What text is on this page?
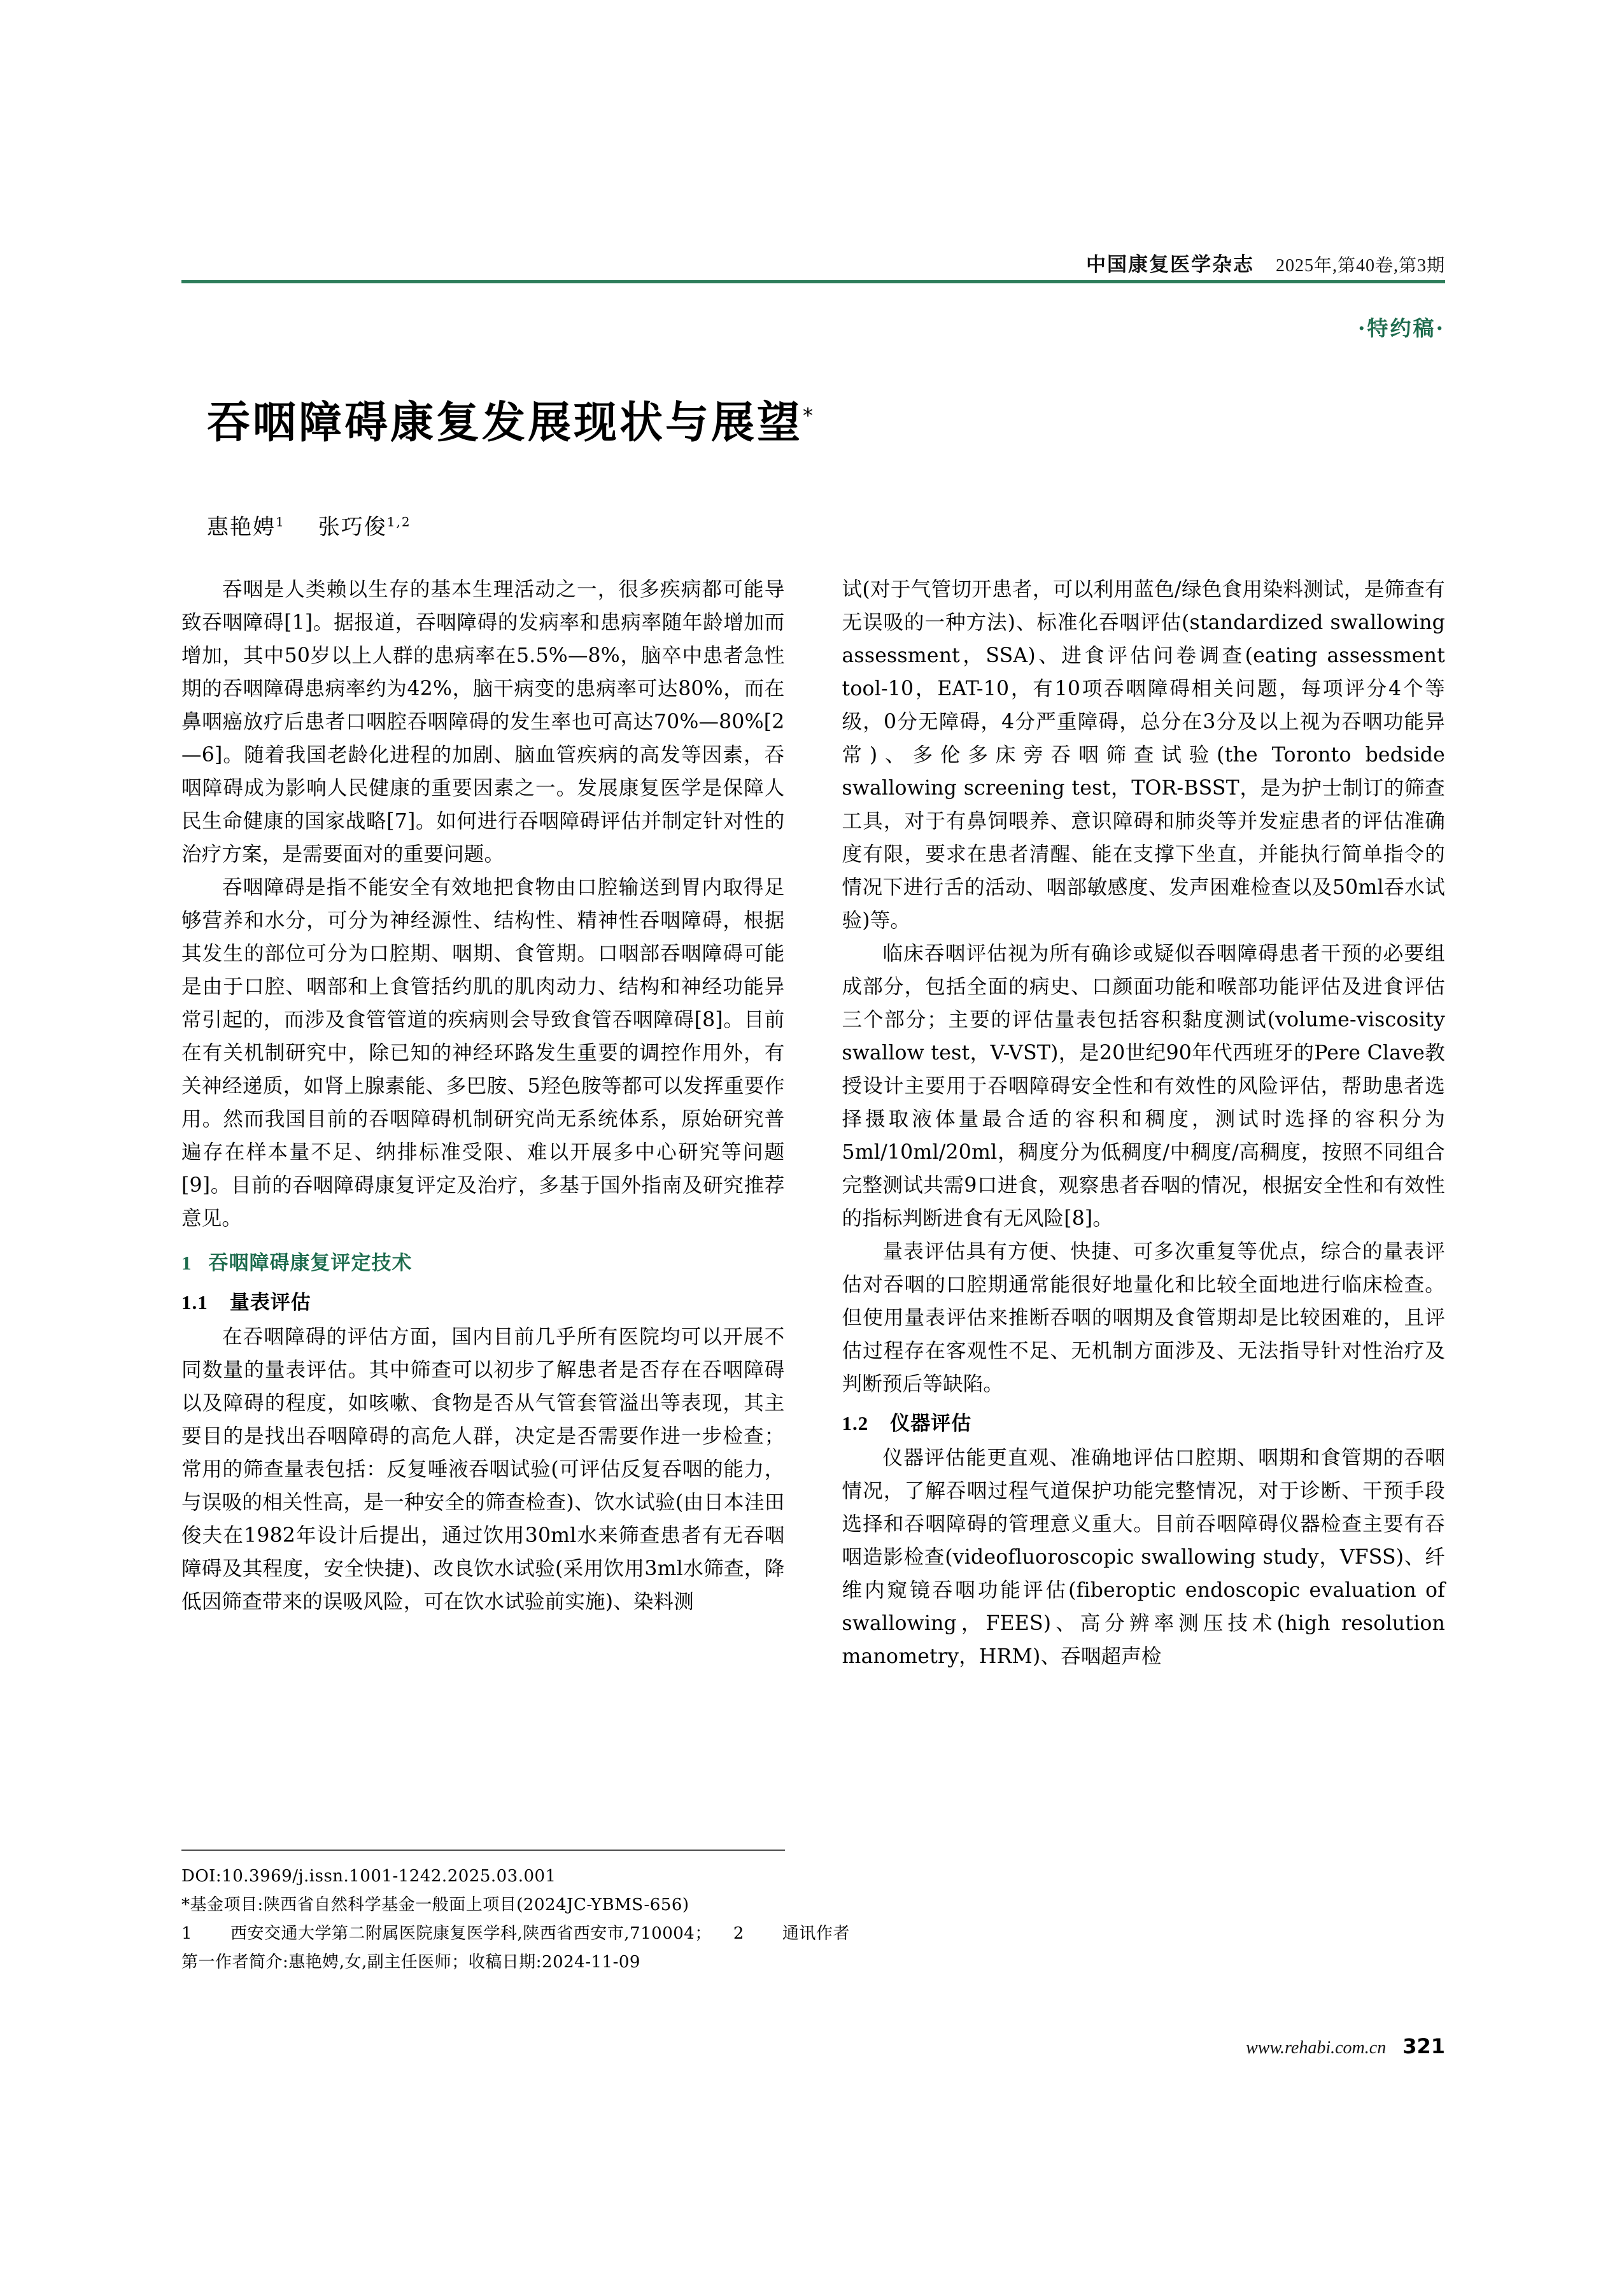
中国康复医学杂志 2025年,第40卷,第3期
·特约稿·
吞咽障碍康复发展现状与展望*
惠艳娉$^1$ 张巧俊$^{1,2}$

吞咽是人类赖以生存的基本生理活动之一，很多疾病都可能导致吞咽障碍[1]。据报道，吞咽障碍的发病率和患病率随年龄增加而增加，其中50岁以上人群的患病率在5.5%—8%，脑卒中患者急性期的吞咽障碍患病率约为42%，脑干病变的患病率可达80%，而在鼻咽癌放疗后患者口咽腔吞咽障碍的发生率也可高达70%—80%[2—6]。随着我国老龄化进程的加剧、脑血管疾病的高发等因素，吞咽障碍成为影响人民健康的重要因素之一。发展康复医学是保障人民生命健康的国家战略[7]。如何进行吞咽障碍评估并制定针对性的治疗方案，是需要面对的重要问题。

吞咽障碍是指不能安全有效地把食物由口腔输送到胃内取得足够营养和水分，可分为神经源性、结构性、精神性吞咽障碍，根据其发生的部位可分为口腔期、咽期、食管期。口咽部吞咽障碍可能是由于口腔、咽部和上食管括约肌的肌肉动力、结构和神经功能异常引起的，而涉及食管管道的疾病则会导致食管吞咽障碍[8]。目前在有关机制研究中，除已知的神经环路发生重要的调控作用外，有关神经递质，如肾上腺素能、多巴胺、5羟色胺等都可以发挥重要作用。然而我国目前的吞咽障碍机制研究尚无系统体系，原始研究普遍存在样本量不足、纳排标准受限、难以开展多中心研究等问题[9]。目前的吞咽障碍康复评定及治疗，多基于国外指南及研究推荐意见。

1 吞咽障碍康复评定技术
1.1 量表评估

在吞咽障碍的评估方面，国内目前几乎所有医院均可以开展不同数量的量表评估。其中筛查可以初步了解患者是否存在吞咽障碍以及障碍的程度，如咳嗽、食物是否从气管套管溢出等表现，其主要目的是找出吞咽障碍的高危人群，决定是否需要作进一步检查；常用的筛查量表包括：反复唾液吞咽试验(可评估反复吞咽的能力，与误吸的相关性高，是一种安全的筛查检查)、饮水试验(由日本洼田俊夫在1982年设计后提出，通过饮用30ml水来筛查患者有无吞咽障碍及其程度，安全快捷)、改良饮水试验(采用饮用3ml水筛查，降低因筛查带来的误吸风险，可在饮水试验前实施)、染料测

试(对于气管切开患者，可以利用蓝色/绿色食用染料测试，是筛查有无误吸的一种方法)、标准化吞咽评估(standardized swallowing assessment，SSA)、进食评估问卷调查(eating assessment tool-10，EAT-10，有10项吞咽障碍相关问题，每项评分4个等级，0分无障碍，4分严重障碍，总分在3分及以上视为吞咽功能异常)、多伦多床旁吞咽筛查试验(the Toronto bedside swallowing screening test，TOR-BSST，是为护士制订的筛查工具，对于有鼻饲喂养、意识障碍和肺炎等并发症患者的评估准确度有限，要求在患者清醒、能在支撑下坐直，并能执行简单指令的情况下进行舌的活动、咽部敏感度、发声困难检查以及50ml吞水试验)等。

临床吞咽评估视为所有确诊或疑似吞咽障碍患者干预的必要组成部分，包括全面的病史、口颜面功能和喉部功能评估及进食评估三个部分；主要的评估量表包括容积黏度测试(volume-viscosity swallow test，V-VST)，是20世纪90年代西班牙的Pere Clave教授设计主要用于吞咽障碍安全性和有效性的风险评估，帮助患者选择摄取液体量最合适的容积和稠度，测试时选择的容积分为5ml/10ml/20ml，稠度分为低稠度/中稠度/高稠度，按照不同组合完整测试共需9口进食，观察患者吞咽的情况，根据安全性和有效性的指标判断进食有无风险[8]。

量表评估具有方便、快捷、可多次重复等优点，综合的量表评估对吞咽的口腔期通常能很好地量化和比较全面地进行临床检查。但使用量表评估来推断吞咽的咽期及食管期却是比较困难的，且评估过程存在客观性不足、无机制方面涉及、无法指导针对性治疗及判断预后等缺陷。

1.2 仪器评估

仪器评估能更直观、准确地评估口腔期、咽期和食管期的吞咽情况，了解吞咽过程气道保护功能完整情况，对于诊断、干预手段选择和吞咽障碍的管理意义重大。目前吞咽障碍仪器检查主要有吞咽造影检查(videofluoroscopic swallowing study，VFSS)、纤维内窥镜吞咽功能评估(fiberoptic endoscopic evaluation of swallowing，FEES)、高分辨率测压技术(high resolution manometry，HRM)、吞咽超声检

DOI:10.3969/j.issn.1001-1242.2025.03.001
*基金项目:陕西省自然科学基金一般面上项目(2024JC-YBMS-656)
1 西安交通大学第二附属医院康复医学科,陕西省西安市,710004； 2 通讯作者
第一作者简介:惠艳娉,女,副主任医师；收稿日期:2024-11-09
www.rehabi.com.cn 321
